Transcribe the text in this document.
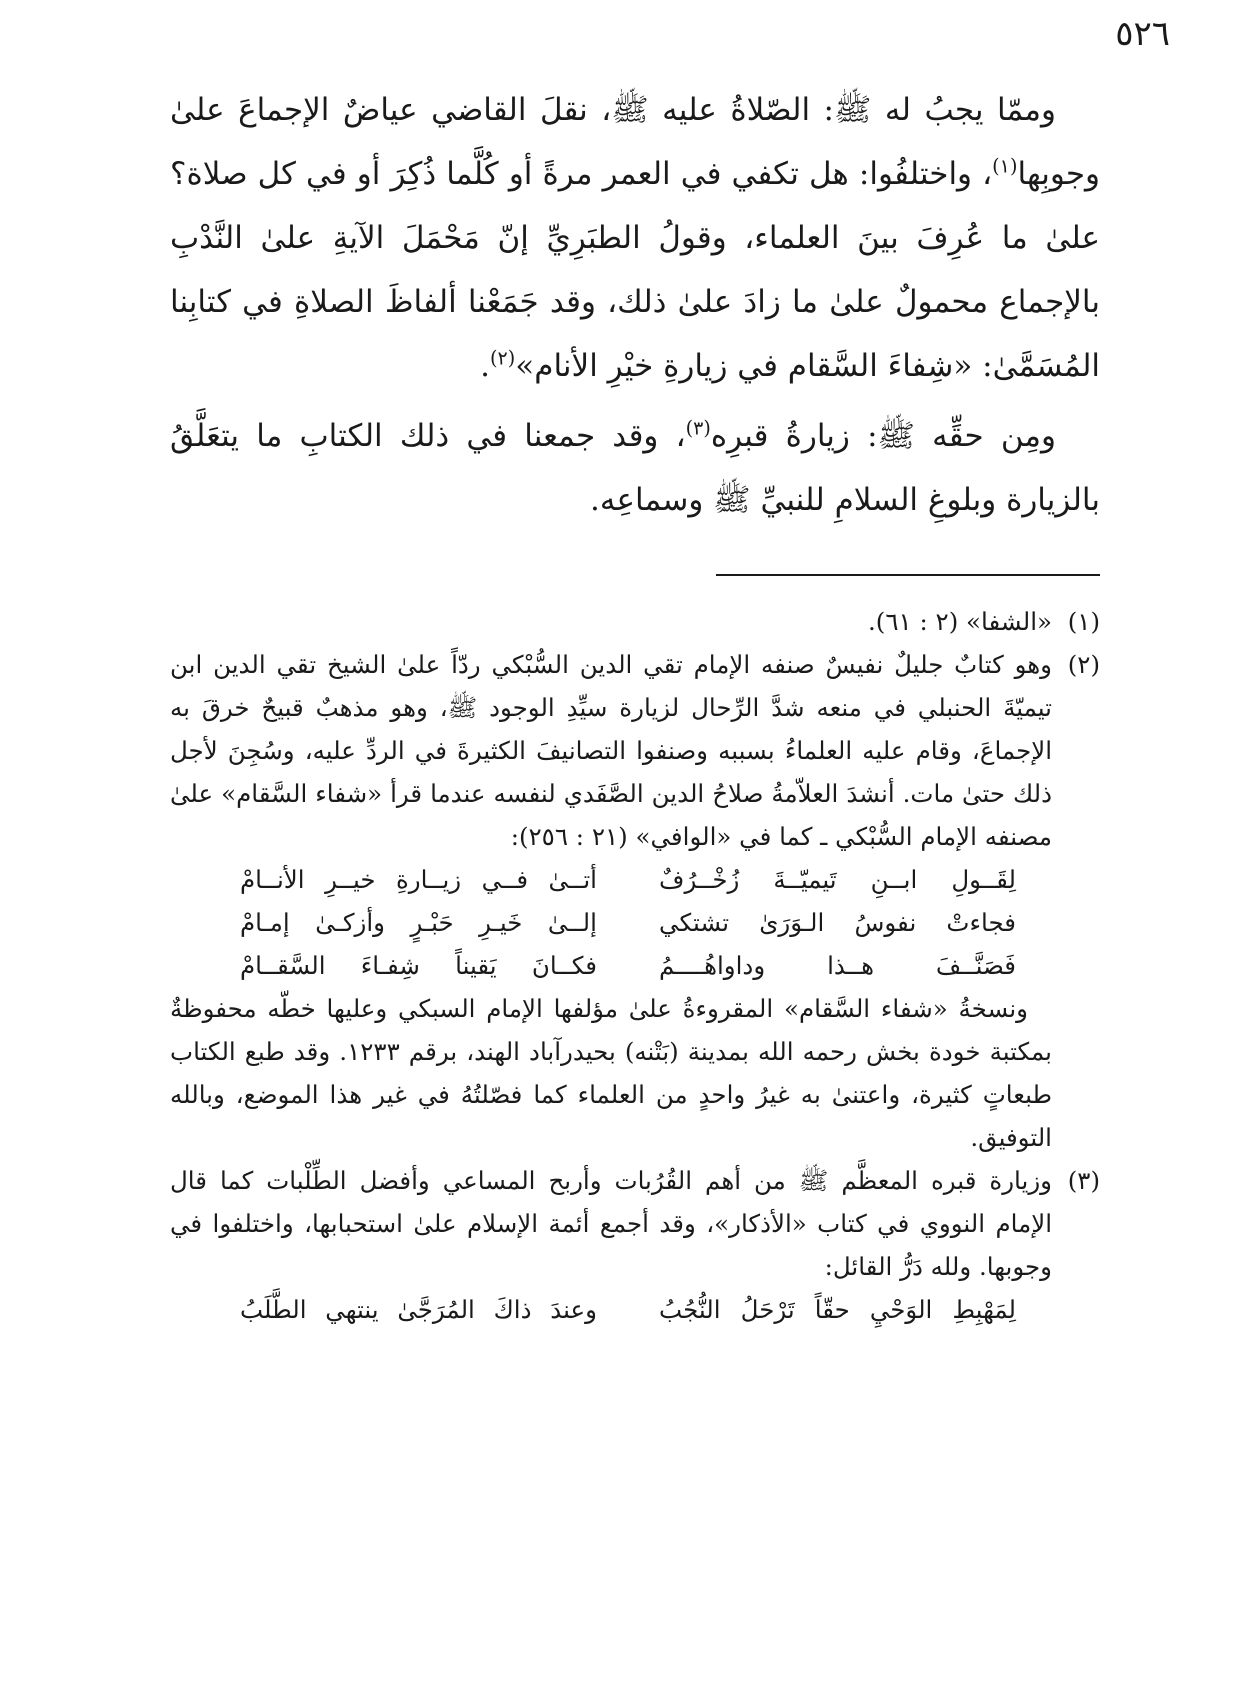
٥٢٦

وممّا يجبُ له ﷺ: الصّلاةُ عليه ﷺ، نقلَ القاضي عياضٌ الإجماعَ علىٰ وجوبِها$^{(١)}$، واختلفُوا: هل تكفي في العمر مرةً أو كُلَّما ذُكِرَ أو في كل صلاة؟ علىٰ ما عُرِفَ بينَ العلماء، وقولُ الطبَرِيِّ إنّ مَحْمَلَ الآيةِ علىٰ النَّدْبِ بالإجماع محمولٌ علىٰ ما زادَ علىٰ ذلك، وقد جَمَعْنا ألفاظَ الصلاةِ في كتابِنا المُسَمَّىٰ: «شِفاءَ السَّقام في زيارةِ خيْرِ الأنام»$^{(٢)}$.

ومِن حقِّه ﷺ: زيارةُ قبرِه$^{(٣)}$، وقد جمعنا في ذلك الكتابِ ما يتعَلَّقُ بالزيارة وبلوغِ السلامِ للنبيِّ ﷺ وسماعِه.

(١)

«الشفا» (٢ : ٦١).

(٢)

وهو كتابٌ جليلٌ نفيسٌ صنفه الإمام تقي الدين السُّبْكي ردّاً علىٰ الشيخ تقي الدين ابن تيميّةَ الحنبلي في منعه شدَّ الرِّحال لزيارة سيِّدِ الوجود ﷺ، وهو مذهبٌ قبيحٌ خرقَ به الإجماعَ، وقام عليه العلماءُ بسببه وصنفوا التصانيفَ الكثيرةَ في الردِّ عليه، وسُجِنَ لأجل ذلك حتىٰ مات. أنشدَ العلاّمةُ صلاحُ الدين الصَّفَدي لنفسه عندما قرأ «شفاء السَّقام» علىٰ مصنفه الإمام السُّبْكي ـ كما في «الوافي» (٢١ : ٢٥٦):

لِقَــولِ ابــنِ تَيميّــةَ زُخْــرُفٌ
أتــىٰ فــي زيــارةِ خيــرِ الأنــامْ
فجاءتْ نفوسُ الـوَرَىٰ تشتكي
إلــىٰ خَيـرِ حَبْـرٍ وأزكـىٰ إمـامْ
فَصَنَّــفَ هــذا وداواهُــــمُ
فكــانَ يَقيناً شِفـاءَ السَّقــامْ

ونسخةُ «شفاء السَّقام» المقروءةُ علىٰ مؤلفها الإمام السبكي وعليها خطّه محفوظةٌ بمكتبة خودة بخش رحمه الله بمدينة (بَتْنه) بحيدرآباد الهند، برقم ١٢٣٣. وقد طبع الكتاب طبعاتٍ كثيرة، واعتنىٰ به غيرُ واحدٍ من العلماء كما فصّلتُهُ في غير هذا الموضع، وبالله التوفيق.

(٣)

وزيارة قبره المعظَّم ﷺ من أهم القُرُبات وأربح المساعي وأفضل الطِّلْبات كما قال الإمام النووي في كتاب «الأذكار»، وقد أجمع أئمة الإسلام علىٰ استحبابها، واختلفوا في وجوبها. ولله دَرُّ القائل:

لِمَهْبِطِ الوَحْيِ حقّاً تَرْحَلُ النُّجُبُ
وعندَ ذاكَ المُرَجَّىٰ ينتهي الطَّلَبُ
